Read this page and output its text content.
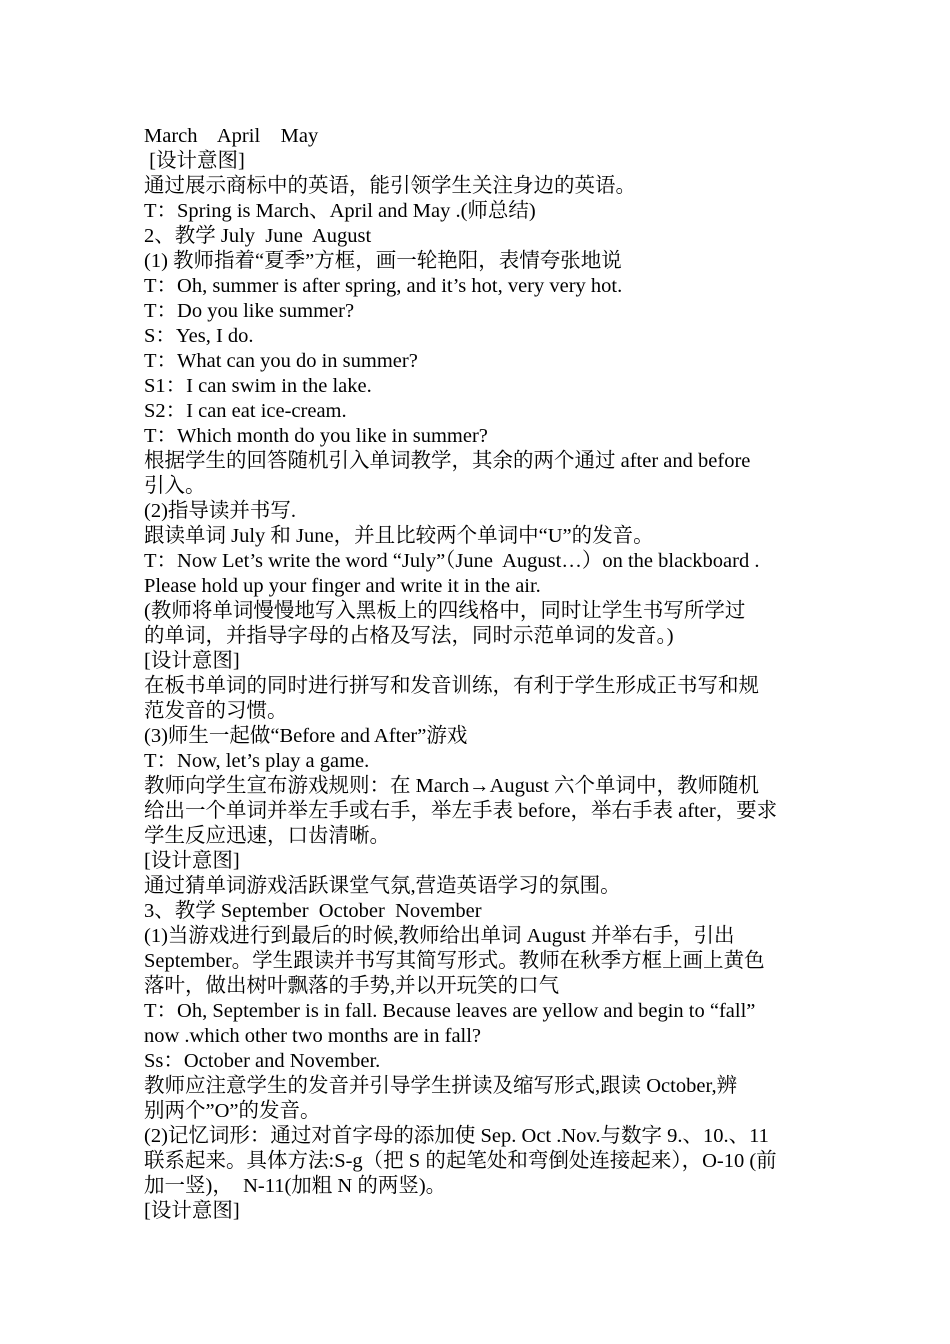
March    April    May
[设计意图]
通过展示商标中的英语，能引领学生关注身边的英语。
T：Spring is March、April and May .(师总结)
2、教学 July  June  August
(1) 教师指着“夏季”方框，画一轮艳阳，表情夸张地说
T：Oh, summer is after spring, and it’s hot, very very hot.
T：Do you like summer?
S：Yes, I do.
T：What can you do in summer?
S1：I can swim in the lake.
S2：I can eat ice-cream.
T：Which month do you like in summer?
根据学生的回答随机引入单词教学，其余的两个通过 after and before
引入。
(2)指导读并书写.
跟读单词 July 和 June，并且比较两个单词中“U”的发音。
T：Now Let’s write the word “July”（June  August…）on the blackboard .
Please hold up your finger and write it in the air.
(教师将单词慢慢地写入黑板上的四线格中，同时让学生书写所学过
的单词，并指导字母的占格及写法，同时示范单词的发音。)
[设计意图]
在板书单词的同时进行拼写和发音训练，有利于学生形成正书写和规
范发音的习惯。
(3)师生一起做“Before and After”游戏
T：Now, let’s play a game.
教师向学生宣布游戏规则：在 March→August 六个单词中，教师随机
给出一个单词并举左手或右手，举左手表 before，举右手表 after，要求
学生反应迅速，口齿清晰。
[设计意图]
通过猜单词游戏活跃课堂气氛,营造英语学习的氛围。
3、教学 September  October  November
(1)当游戏进行到最后的时候,教师给出单词 August 并举右手，引出
September。学生跟读并书写其简写形式。教师在秋季方框上画上黄色
落叶，做出树叶飘落的手势,并以开玩笑的口气
T：Oh, September is in fall. Because leaves are yellow and begin to “fall”
now .which other two months are in fall?
Ss：October and November.
教师应注意学生的发音并引导学生拼读及缩写形式,跟读 October,辨
别两个”O”的发音。
(2)记忆词形：通过对首字母的添加使 Sep. Oct .Nov.与数字 9.、10.、11
联系起来。具体方法:S-g（把 S 的起笔处和弯倒处连接起来），O-10 (前
加一竖)，  N-11(加粗 N 的两竖)。
[设计意图]
